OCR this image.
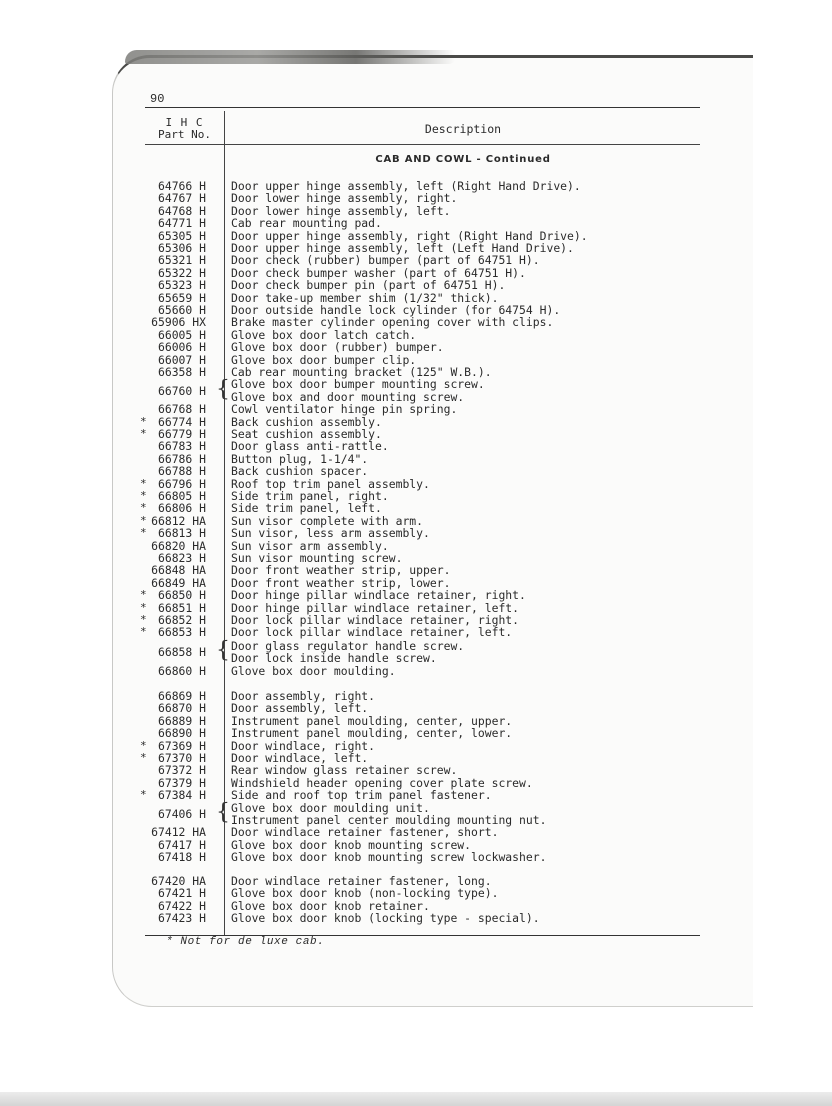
90
I H C
Part No.	Description
CAB AND COWL - Continued
64766 H Door upper hinge assembly, left (Right Hand Drive).
64767 H Door lower hinge assembly, right.
64768 H Door lower hinge assembly, left.
64771 H Cab rear mounting pad.
65305 H Door upper hinge assembly, right (Right Hand Drive).
65306 H Door upper hinge assembly, left (Left Hand Drive).
65321 H Door check (rubber) bumper (part of 64751 H).
65322 H Door check bumper washer (part of 64751 H).
65323 H Door check bumper pin (part of 64751 H).
65659 H Door take-up member shim (1/32" thick).
65660 H Door outside handle lock cylinder (for 64754 H).
65906 HX Brake master cylinder opening cover with clips.
66005 H Glove box door latch catch.
66006 H Glove box door (rubber) bumper.
66007 H Glove box door bumper clip.
66358 H Cab rear mounting bracket (125" W.B.).
Glove box door bumper mounting screw.
Glove box and door mounting screw.
66768 H Cowl ventilator hinge pin spring.
* 66774 H Back cushion assembly.
* 66779 H Seat cushion assembly.
66783 H Door glass anti-rattle.
66786 H Button plug, 1-1/4".
66788 H Back cushion spacer.
* 66796 H Roof top trim panel assembly.
* 66805 H Side trim panel, right.
* 66806 H Side trim panel, left.
* 66812 HA Sun visor complete with arm.
* 66813 H Sun visor, less arm assembly.
66820 HA Sun visor arm assembly.
66823 H Sun visor mounting screw.
66848 HA Door front weather strip, upper.
66849 HA Door front weather strip, lower.
* 66850 H Door hinge pillar windlace retainer, right.
* 66851 H Door hinge pillar windlace retainer, left.
* 66852 H Door lock pillar windlace retainer, right.
* 66853 H Door lock pillar windlace retainer, left.
Door glass regulator handle screw.
Door lock inside handle screw.
66860 H Glove box door moulding.
66869 H Door assembly, right.
66870 H Door assembly, left.
66889 H Instrument panel moulding, center, upper.
66890 H Instrument panel moulding, center, lower.
* 67369 H Door windlace, right.
* 67370 H Door windlace, left.
67372 H Rear window glass retainer screw.
67379 H Windshield header opening cover plate screw.
* 67384 H Side and roof top trim panel fastener.
Glove box door moulding unit.
Instrument panel center moulding mounting nut.
67412 HA Door windlace retainer fastener, short.
67417 H Glove box door knob mounting screw.
67418 H Glove box door knob mounting screw lockwasher.
67420 HA Door windlace retainer fastener, long.
67421 H Glove box door knob (non-locking type).
67422 H Glove box door knob retainer.
67423 H Glove box door knob (locking type - special).
66760 H {
66858 H {
67406 H {
* Not for de luxe cab.
